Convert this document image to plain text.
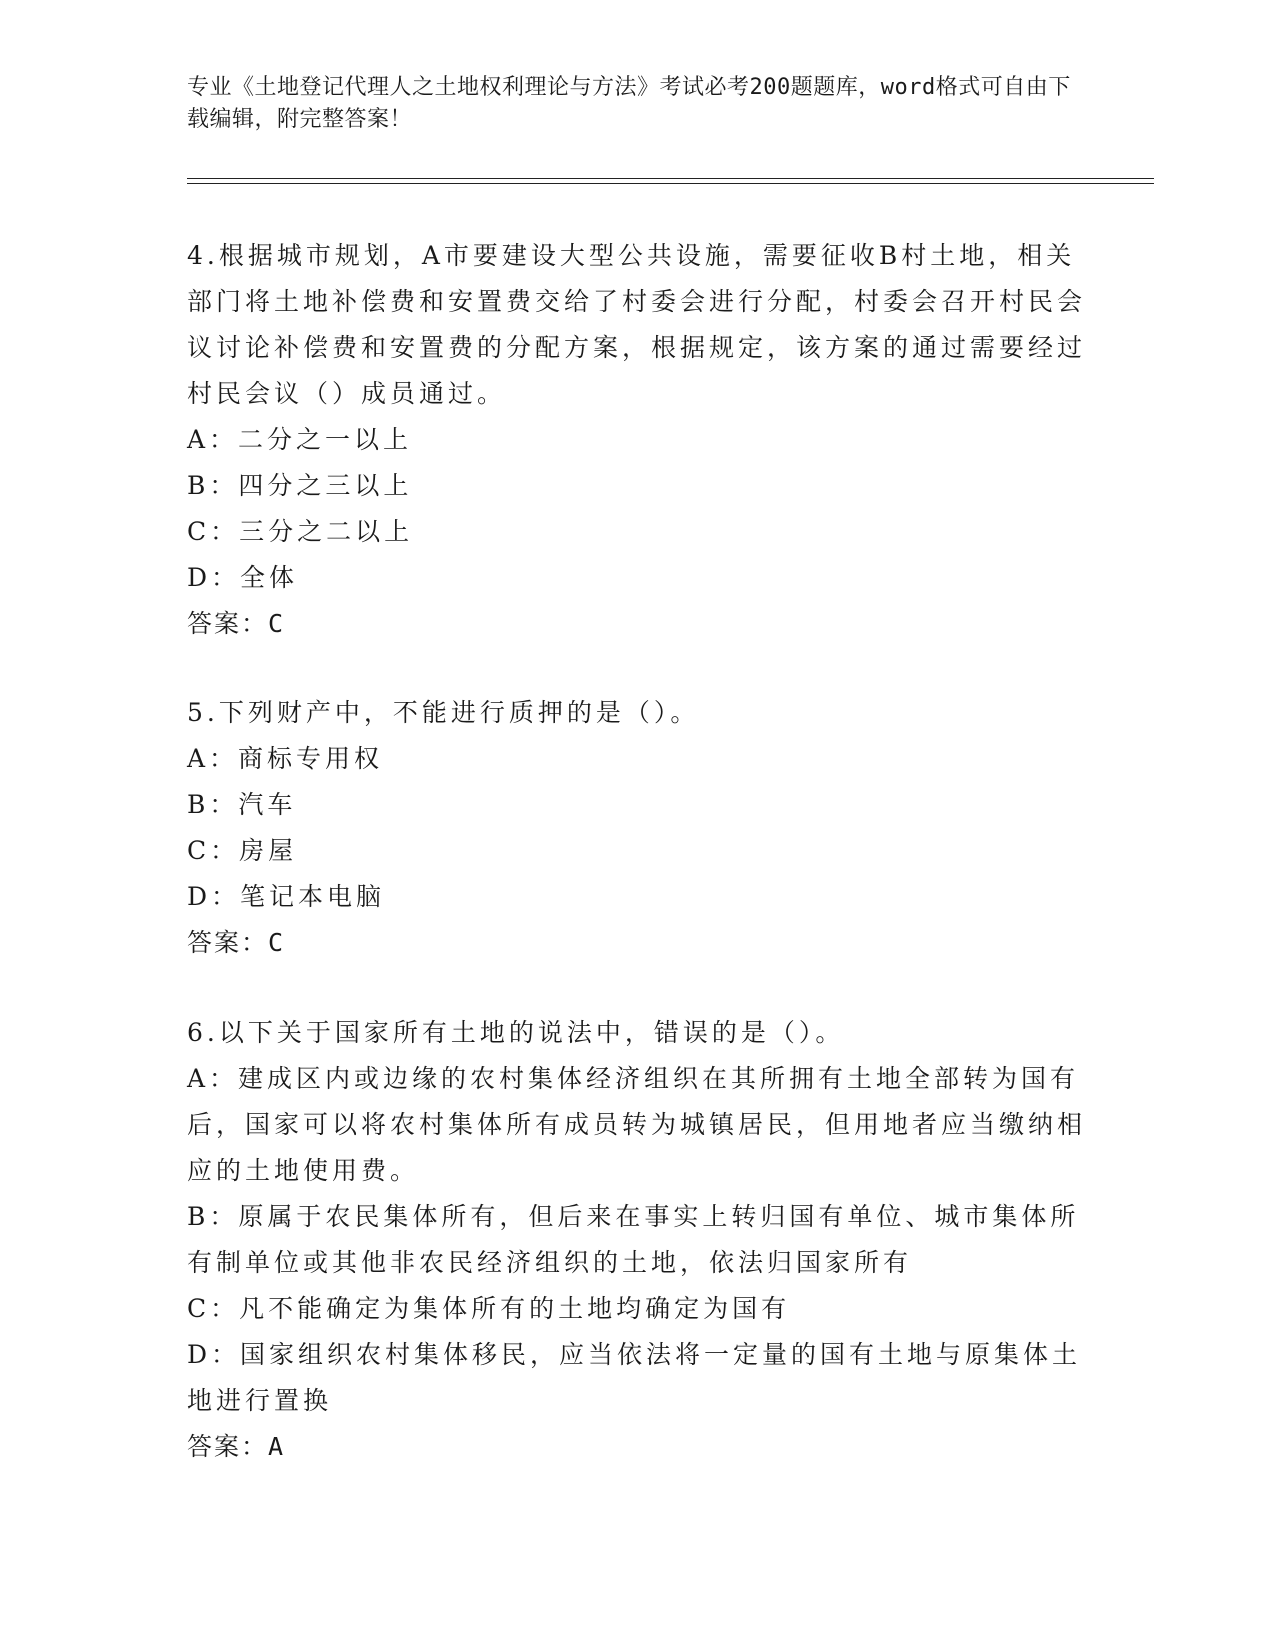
专业《土地登记代理人之土地权利理论与方法》考试必考200题题库，word格式可自由下载编辑，附完整答案！
4.根据城市规划，A市要建设大型公共设施，需要征收B村土地，相关部门将土地补偿费和安置费交给了村委会进行分配，村委会召开村民会议讨论补偿费和安置费的分配方案，根据规定，该方案的通过需要经过村民会议（）成员通过。
A：二分之一以上
B：四分之三以上
C：三分之二以上
D：全体
答案：C
5.下列财产中，不能进行质押的是（）。
A：商标专用权
B：汽车
C：房屋
D：笔记本电脑
答案：C
6.以下关于国家所有土地的说法中，错误的是（）。
A：建成区内或边缘的农村集体经济组织在其所拥有土地全部转为国有后，国家可以将农村集体所有成员转为城镇居民，但用地者应当缴纳相应的土地使用费。
B：原属于农民集体所有，但后来在事实上转归国有单位、城市集体所有制单位或其他非农民经济组织的土地，依法归国家所有
C：凡不能确定为集体所有的土地均确定为国有
D：国家组织农村集体移民，应当依法将一定量的国有土地与原集体土地进行置换
答案：A
